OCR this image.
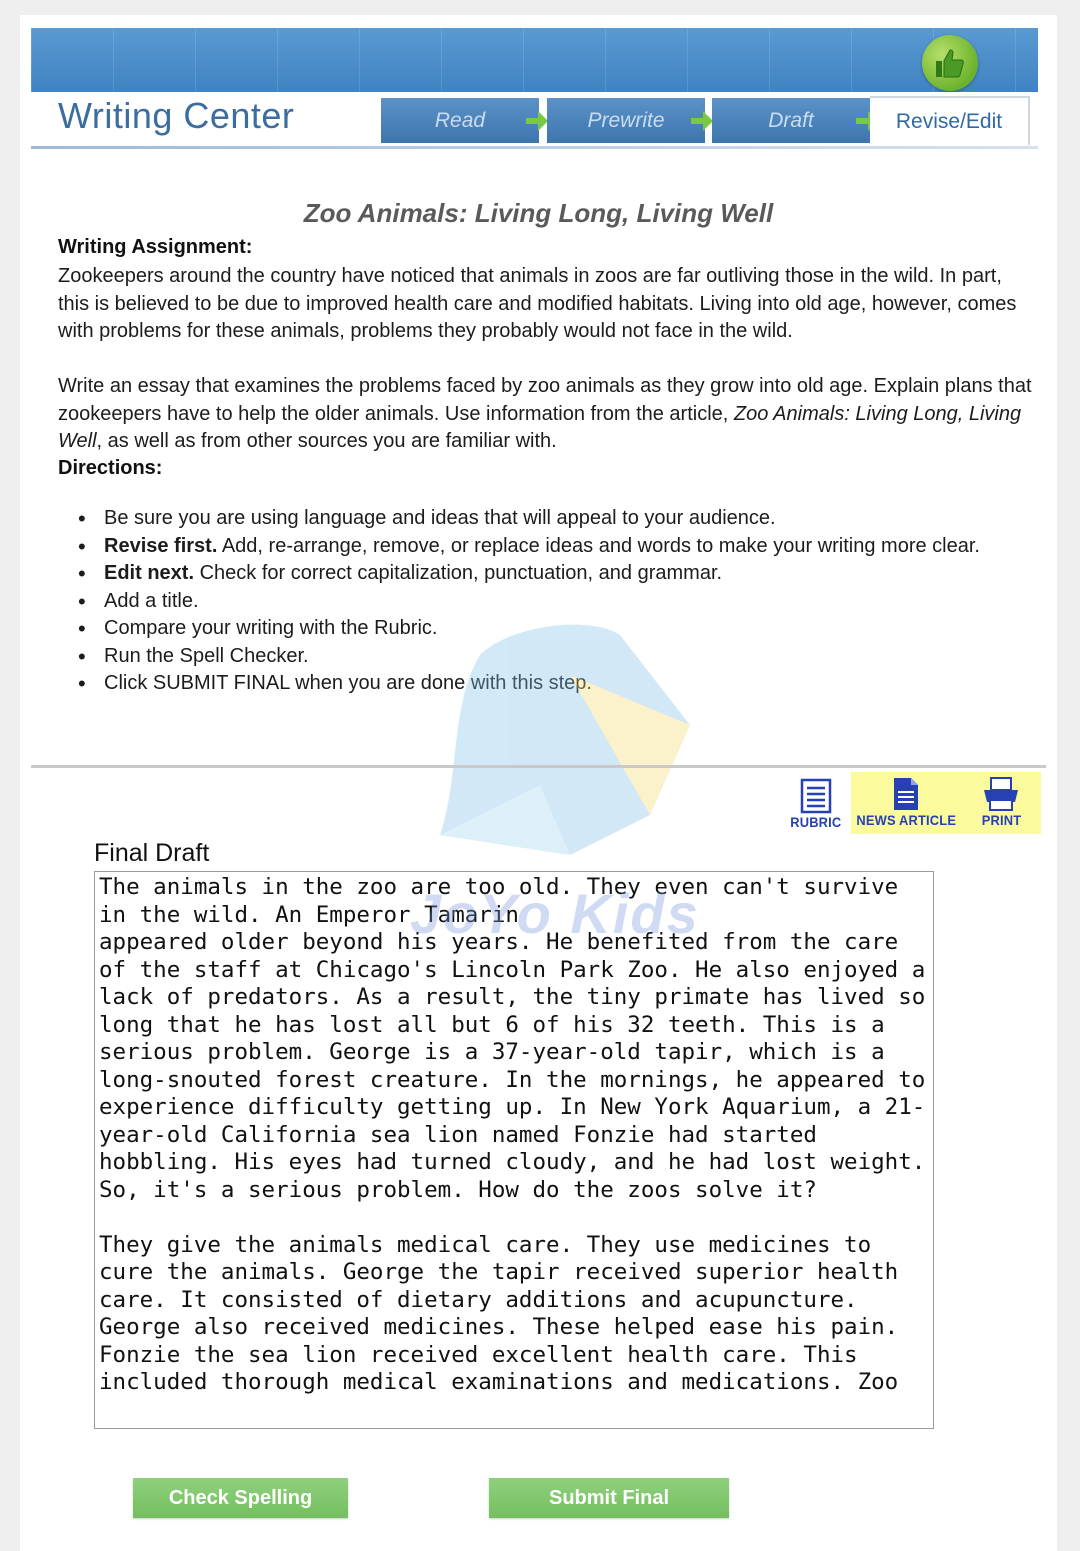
Writing Center	Read	Prewrite	Draft	Revise/Edit
Zoo Animals: Living Long, Living Well
Writing Assignment:
Zookeepers around the country have noticed that animals in zoos are far outliving those in the wild. In part, this is believed to be due to improved health care and modified habitats. Living into old age, however, comes with problems for these animals, problems they probably would not face in the wild.
Write an essay that examines the problems faced by zoo animals as they grow into old age. Explain plans that zookeepers have to help the older animals. Use information from the article, Zoo Animals: Living Long, Living Well, as well as from other sources you are familiar with.
Directions:
• Be sure you are using language and ideas that will appeal to your audience.
• Revise first. Add, re-arrange, remove, or replace ideas and words to make your writing more clear.
• Edit next. Check for correct capitalization, punctuation, and grammar.
• Add a title.
• Compare your writing with the Rubric.
• Run the Spell Checker.
• Click SUBMIT FINAL when you are done with this step.
RUBRIC NEWS ARTICLE PRINT
Final Draft
The animals in the zoo are too old. They even can't survive in the wild. An Emperor Tamarin
appeared older beyond his years. He benefited from the care of the staff at Chicago's Lincoln Park Zoo. He also enjoyed a lack of predators. As a result, the tiny primate has lived so long that he has lost all but 6 of his 32 teeth. This is a serious problem. George is a 37-year-old tapir, which is a long-snouted forest creature. In the mornings, he appeared to experience difficulty getting up. In New York Aquarium, a 21-year-old California sea lion named Fonzie had started hobbling. His eyes had turned cloudy, and he had lost weight. So, it's a serious problem. How do the zoos solve it?

They give the animals medical care. They use medicines to cure the animals. George the tapir received superior health care. It consisted of dietary additions and acupuncture. George also received medicines. These helped ease his pain. Fonzie the sea lion received excellent health care. This included thorough medical examinations and medications. Zoo
JoYo Kids
Check Spelling	Submit Final
